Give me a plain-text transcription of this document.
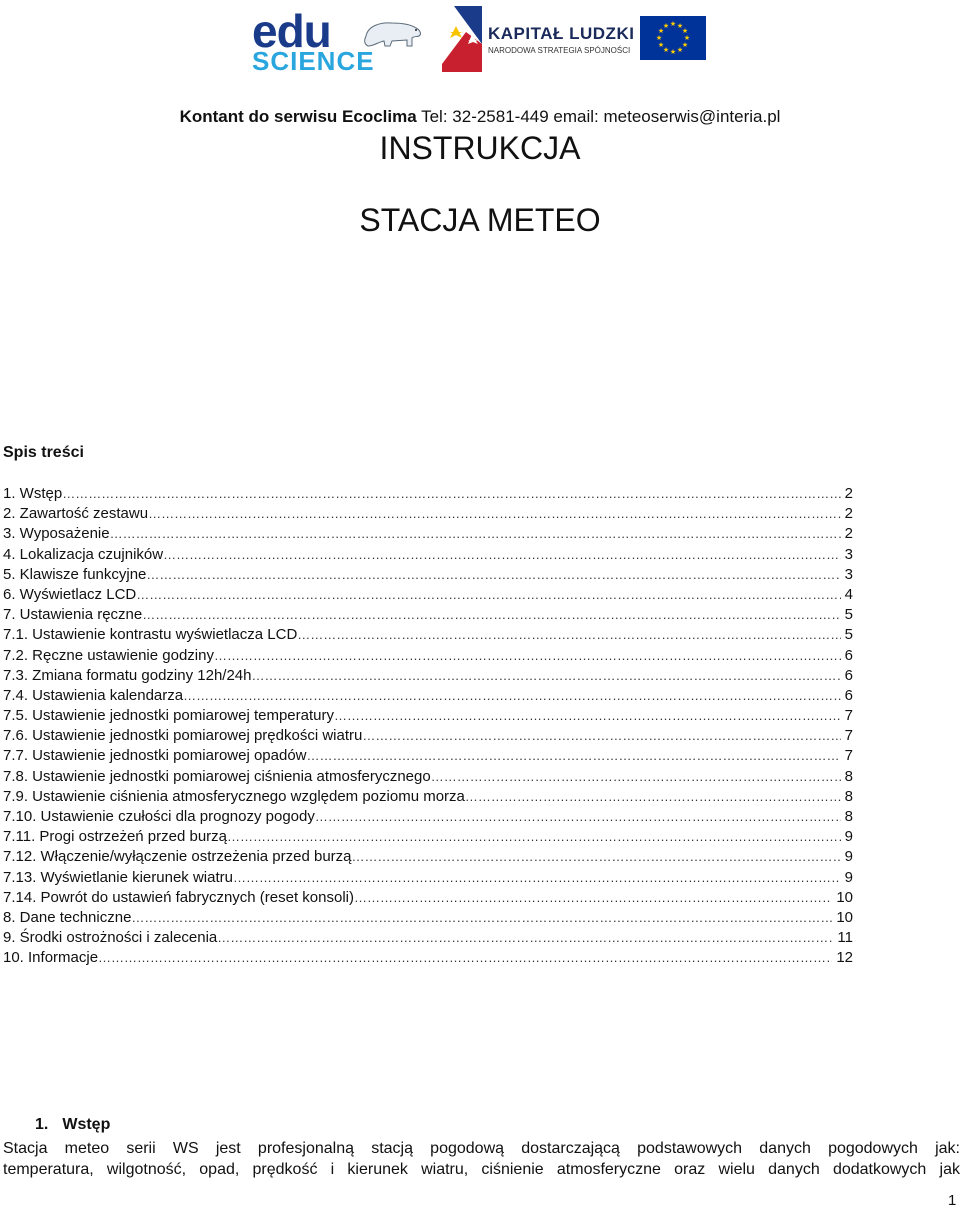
edu
SCIENCE
KAPITAŁ LUDZKI
NARODOWA STRATEGIA SPÓJNOŚCI
★ ★
★
★
★
★
★
★
★
★
★
★
Kontant do serwisu Ecoclima Tel: 32-2581-449 email: meteoserwis@interia.pl
INSTRUKCJA
STACJA METEO
Spis treści
1. Wstęp …………………………………………………………………………………………………………………………………………………………………………………………………………	2
2. Zawartość zestawu …………………………………………………………………………………………………………………………………………………………………………………………………………	2
3. Wyposażenie …………………………………………………………………………………………………………………………………………………………………………………………………………	2
4. Lokalizacja czujników …………………………………………………………………………………………………………………………………………………………………………………………………………	3
5. Klawisze funkcyjne …………………………………………………………………………………………………………………………………………………………………………………………………………	3
6. Wyświetlacz LCD …………………………………………………………………………………………………………………………………………………………………………………………………………	4
7. Ustawienia ręczne …………………………………………………………………………………………………………………………………………………………………………………………………………	5
7.1. Ustawienie kontrastu wyświetlacza LCD …………………………………………………………………………………………………………………………………………………………………………………………………………	5
7.2. Ręczne ustawienie godziny …………………………………………………………………………………………………………………………………………………………………………………………………………	6
7.3. Zmiana formatu godziny 12h/24h …………………………………………………………………………………………………………………………………………………………………………………………………………	6
7.4. Ustawienia kalendarza …………………………………………………………………………………………………………………………………………………………………………………………………………	6
7.5. Ustawienie jednostki pomiarowej temperatury …………………………………………………………………………………………………………………………………………………………………………………………………………	7
7.6. Ustawienie jednostki pomiarowej prędkości wiatru …………………………………………………………………………………………………………………………………………………………………………………………………………	7
7.7. Ustawienie jednostki pomiarowej opadów …………………………………………………………………………………………………………………………………………………………………………………………………………	7
7.8. Ustawienie jednostki pomiarowej ciśnienia atmosferycznego …………………………………………………………………………………………………………………………………………………………………………………………………………	8
7.9. Ustawienie ciśnienia atmosferycznego względem poziomu morza …………………………………………………………………………………………………………………………………………………………………………………………………………	8
7.10. Ustawienie czułości dla prognozy pogody …………………………………………………………………………………………………………………………………………………………………………………………………………	8
7.11. Progi ostrzeżeń przed burzą …………………………………………………………………………………………………………………………………………………………………………………………………………	9
7.12. Włączenie/wyłączenie ostrzeżenia przed burzą …………………………………………………………………………………………………………………………………………………………………………………………………………	9
7.13. Wyświetlanie kierunek wiatru …………………………………………………………………………………………………………………………………………………………………………………………………………	9
7.14. Powrót do ustawień fabrycznych (reset konsoli) …………………………………………………………………………………………………………………………………………………………………………………………………………	10
8. Dane techniczne …………………………………………………………………………………………………………………………………………………………………………………………………………	10
9. Środki ostrożności i zalecenia …………………………………………………………………………………………………………………………………………………………………………………………………………	11
10. Informacje …………………………………………………………………………………………………………………………………………………………………………………………………………	12
1. Wstęp
Stacja meteo serii WS jest profesjonalną stacją pogodową dostarczającą podstawowych danych pogodowych jak:
temperatura, wilgotność, opad, prędkość i kierunek wiatru, ciśnienie atmosferyczne oraz wielu danych dodatkowych jak
1
